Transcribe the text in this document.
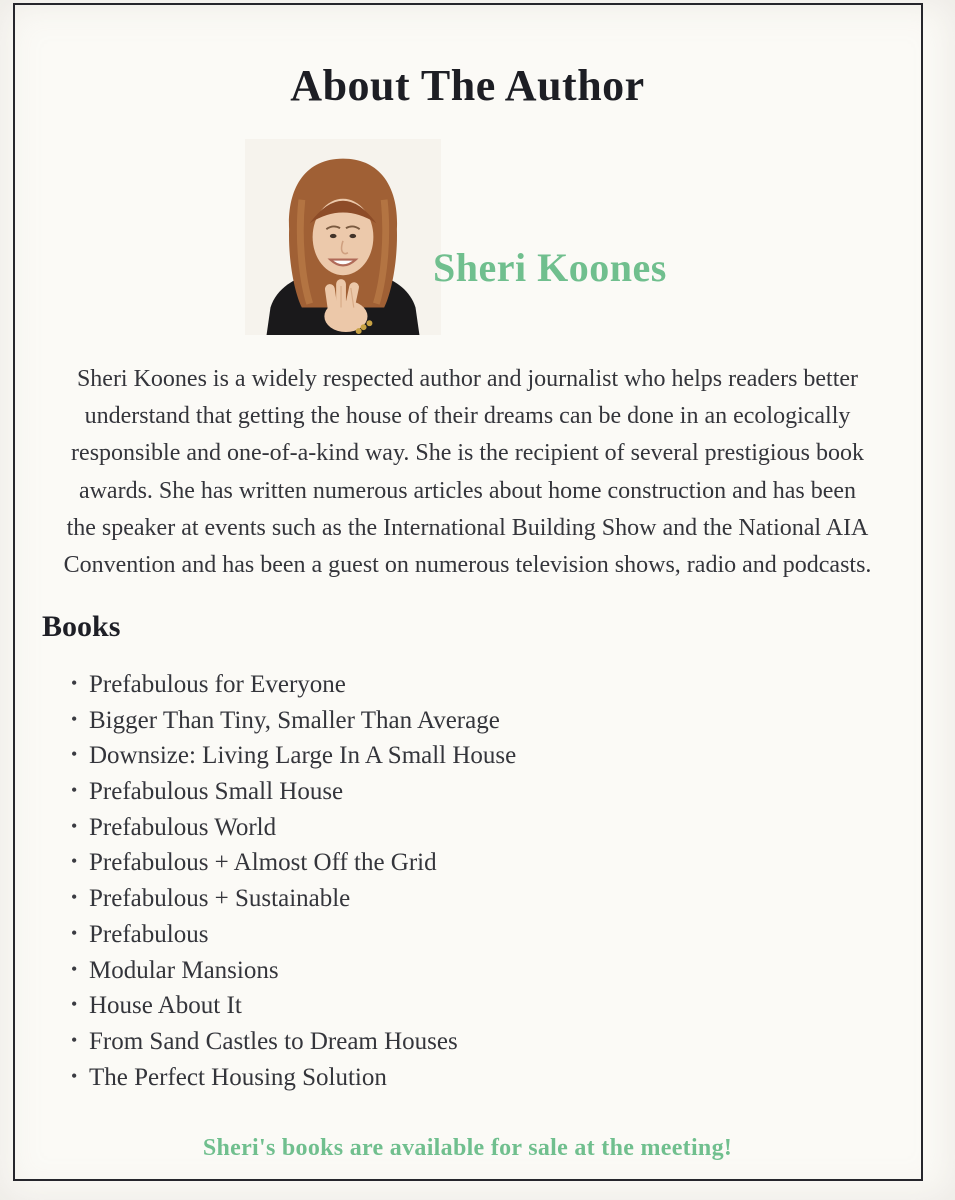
About The Author
Sheri Koones
Sheri Koones is a widely respected author and journalist who helps readers better
understand that getting the house of their dreams can be done in an ecologically
responsible and one-of-a-kind way. She is the recipient of several prestigious book
awards. She has written numerous articles about home construction and has been
the speaker at events such as the International Building Show and the National AIA
Convention and has been a guest on numerous television shows, radio and podcasts.
Books
• Prefabulous for Everyone
• Bigger Than Tiny, Smaller Than Average
• Downsize: Living Large In A Small House
• Prefabulous Small House
• Prefabulous World
• Prefabulous + Almost Off the Grid
• Prefabulous + Sustainable
• Prefabulous
• Modular Mansions
• House About It
• From Sand Castles to Dream Houses
• The Perfect Housing Solution
Sheri's books are available for sale at the meeting!
